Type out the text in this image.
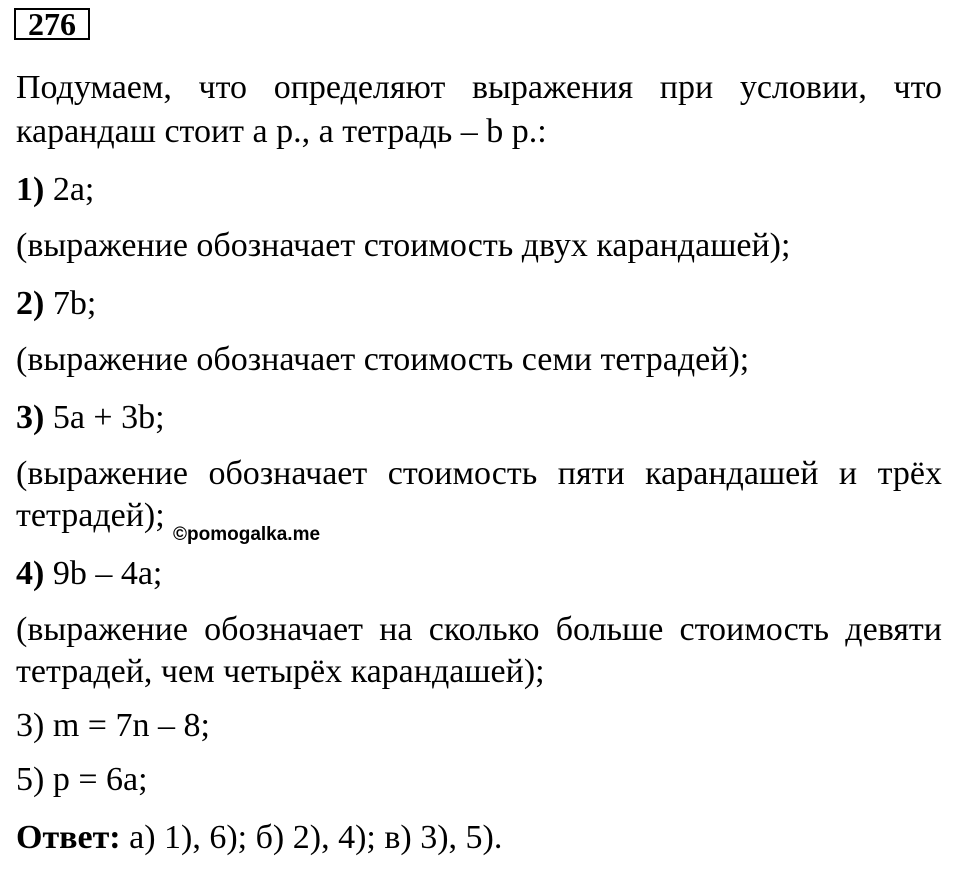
276
Подумаем, что определяют выражения при условии, что
карандаш стоит a р., а тетрадь – b р.:
1) 2a;
(выражение обозначает стоимость двух карандашей);
2) 7b;
(выражение обозначает стоимость семи тетрадей);
3) 5a + 3b;
(выражение обозначает стоимость пяти карандашей и трёх
тетрадей);
©pomogalka.me
4) 9b – 4a;
(выражение обозначает на сколько больше стоимость девяти
тетрадей, чем четырёх карандашей);
3) m = 7n – 8;
5) p = 6a;
Ответ: а) 1), 6); б) 2), 4); в) 3), 5).
